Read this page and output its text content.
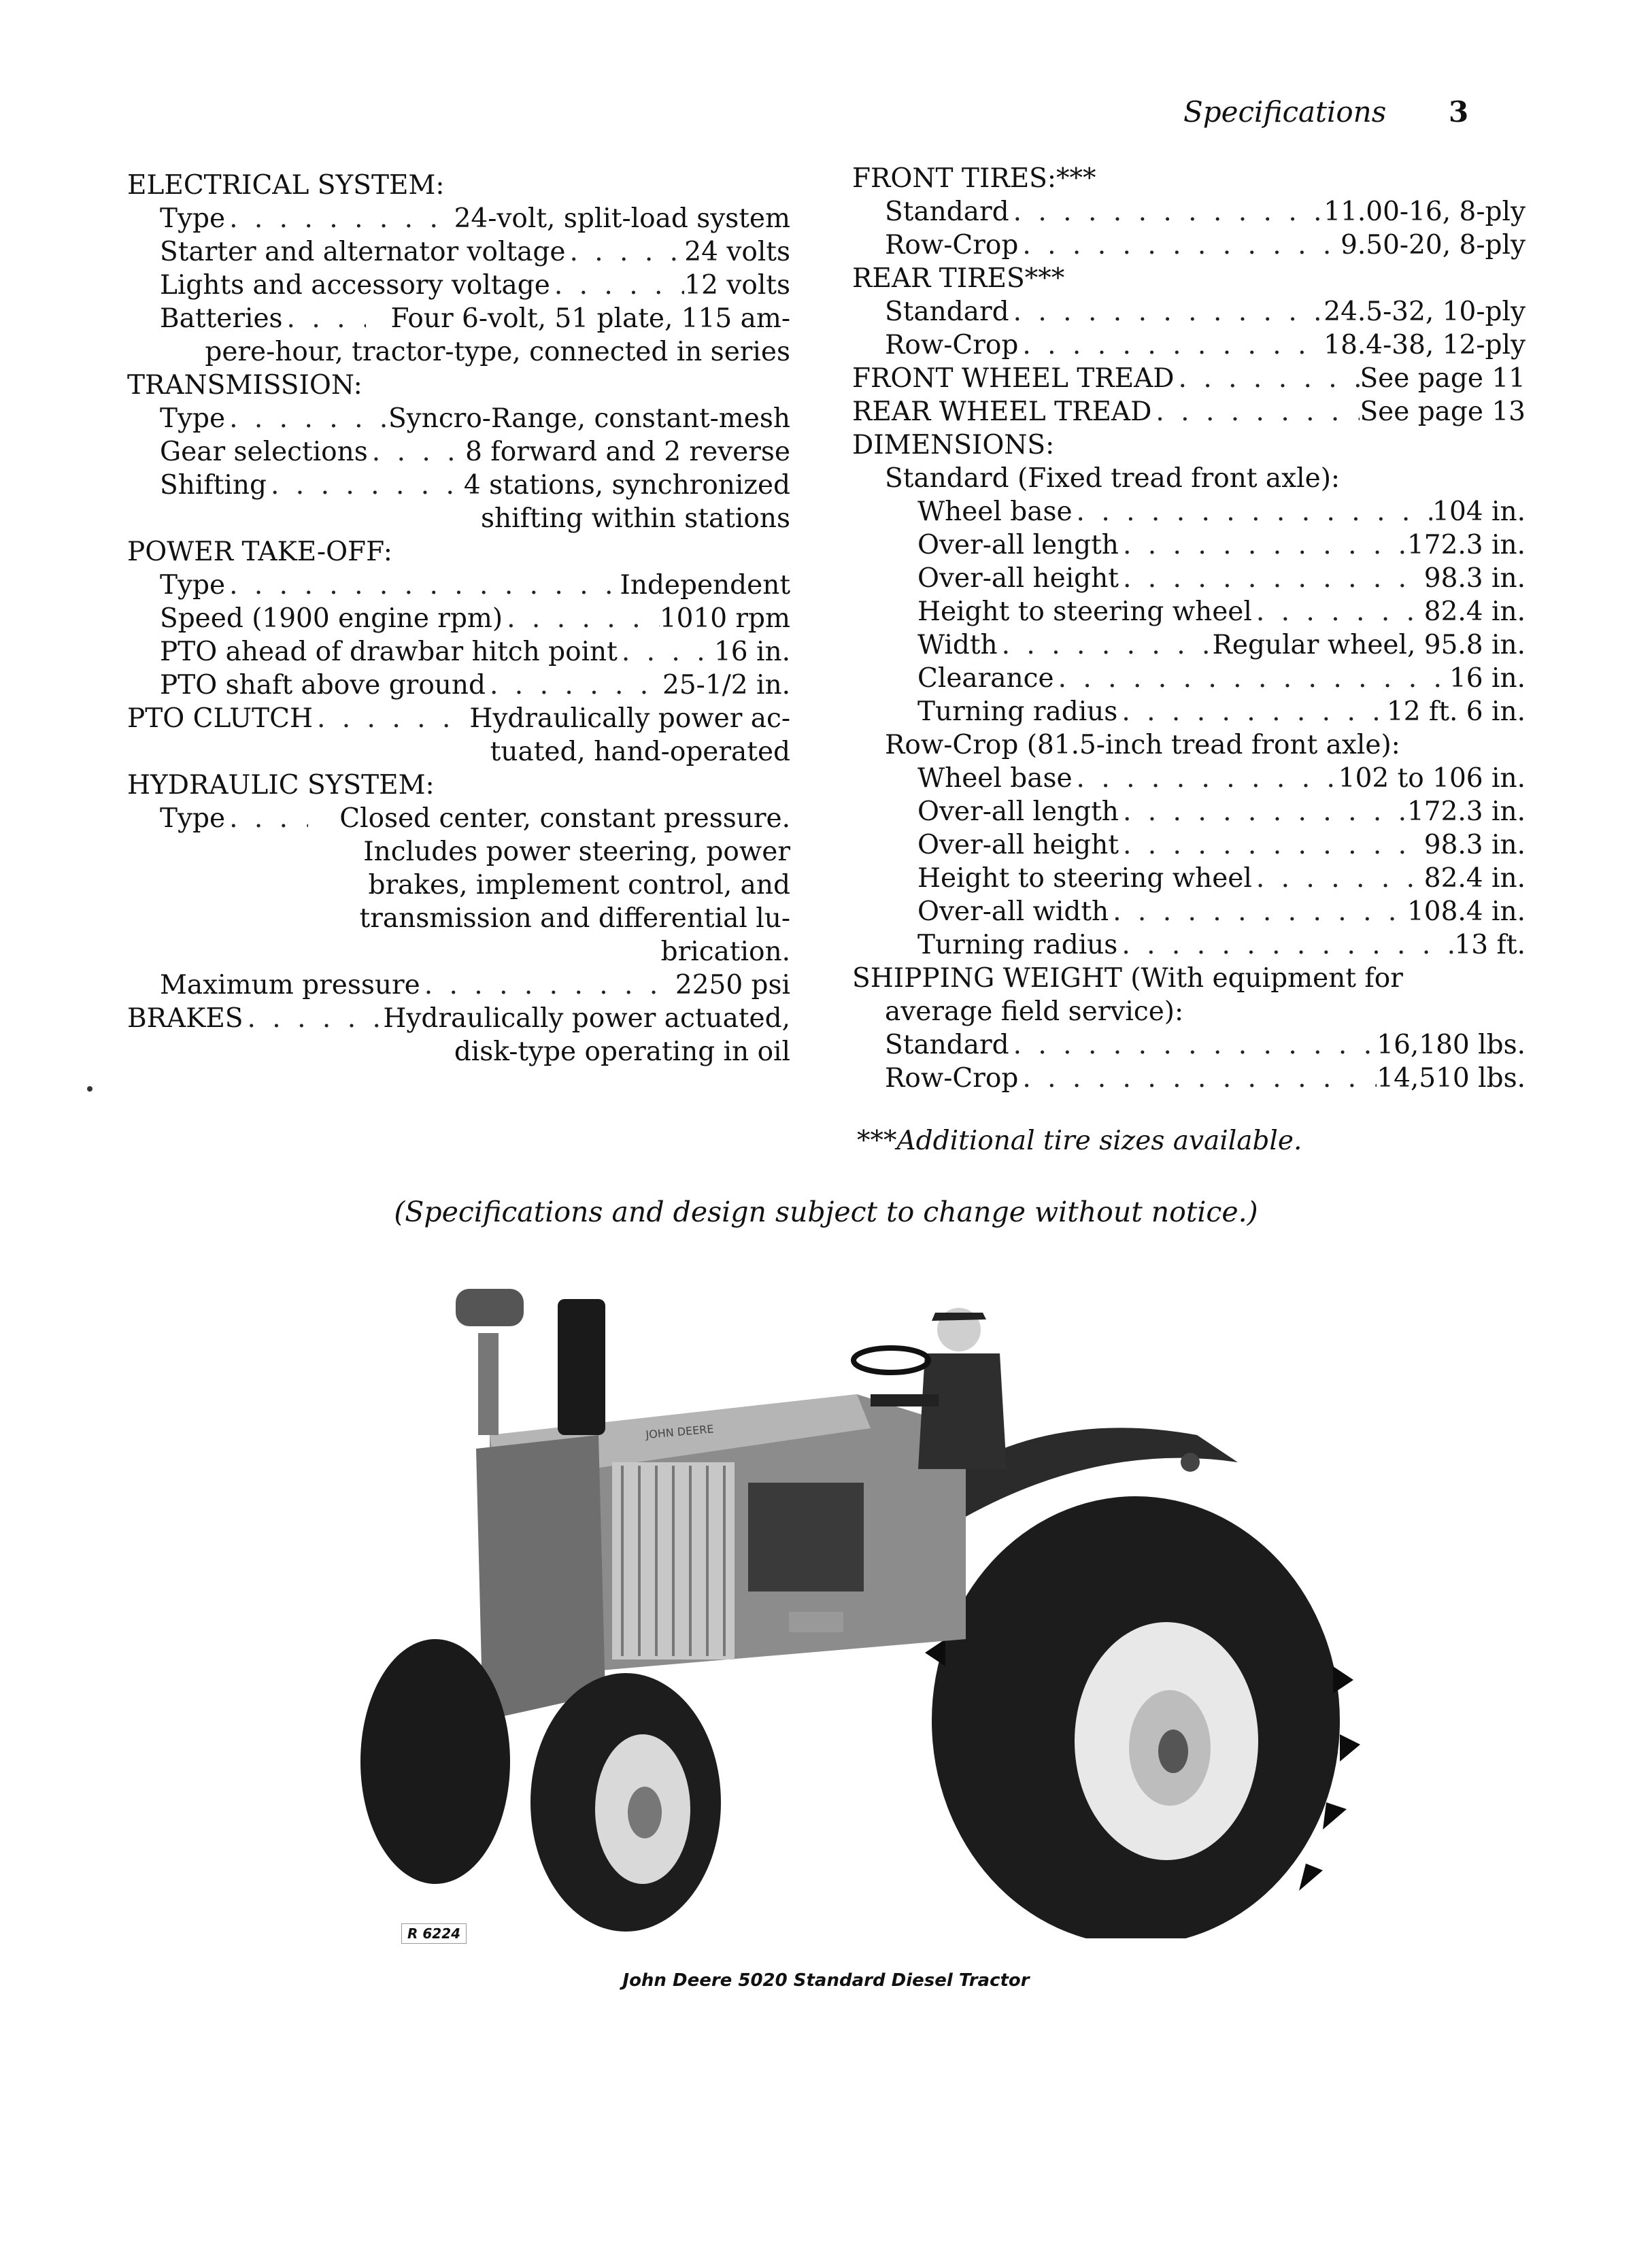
Specifications 3
ELECTRICAL SYSTEM:
Type . . .	24-volt, split-load system
Starter and alternator voltage . . .	24 volts
Lights and accessory voltage . . .	12 volts
Batteries . . .	Four 6-volt, 51 plate, 115 am-
pere-hour, tractor-type, connected in series
TRANSMISSION:
Type . . .	Syncro-Range, constant-mesh
Gear selections . . .	8 forward and 2 reverse
Shifting . . .	4 stations, synchronized
shifting within stations
POWER TAKE-OFF:
Type . . .	Independent
Speed (1900 engine rpm) . . .	1010 rpm
PTO ahead of drawbar hitch point . . .	16 in.
PTO shaft above ground . . .	25-1/2 in.
PTO CLUTCH . . .	Hydraulically power ac-
tuated, hand-operated
HYDRAULIC SYSTEM:
Type . . .	Closed center, constant pressure.
Includes power steering, power
brakes, implement control, and
transmission and differential lu-
brication.
Maximum pressure . . .	2250 psi
BRAKES . . .	Hydraulically power actuated,
disk-type operating in oil
FRONT TIRES:***
Standard . . .	11.00-16, 8-ply
Row-Crop . . .	9.50-20, 8-ply
REAR TIRES***
Standard . . .	24.5-32, 10-ply
Row-Crop . . .	18.4-38, 12-ply
FRONT WHEEL TREAD . . .	See page 11
REAR WHEEL TREAD . . .	See page 13
DIMENSIONS:
Standard (Fixed tread front axle):
Wheel base . . .	104 in.
Over-all length . . .	172.3 in.
Over-all height . . .	98.3 in.
Height to steering wheel . . .	82.4 in.
Width . . .	Regular wheel, 95.8 in.
Clearance . . .	16 in.
Turning radius . . .	12 ft. 6 in.
Row-Crop (81.5-inch tread front axle):
Wheel base . . .	102 to 106 in.
Over-all length . . .	172.3 in.
Over-all height . . .	98.3 in.
Height to steering wheel . . .	82.4 in.
Over-all width . . .	108.4 in.
Turning radius . . .	13 ft.
SHIPPING WEIGHT (With equipment for
average field service):
Standard . . .	16,180 lbs.
Row-Crop . . .	14,510 lbs.
***Additional tire sizes available.
(Specifications and design subject to change without notice.)
JOHN DEERE
R 6224
John Deere 5020 Standard Diesel Tractor
